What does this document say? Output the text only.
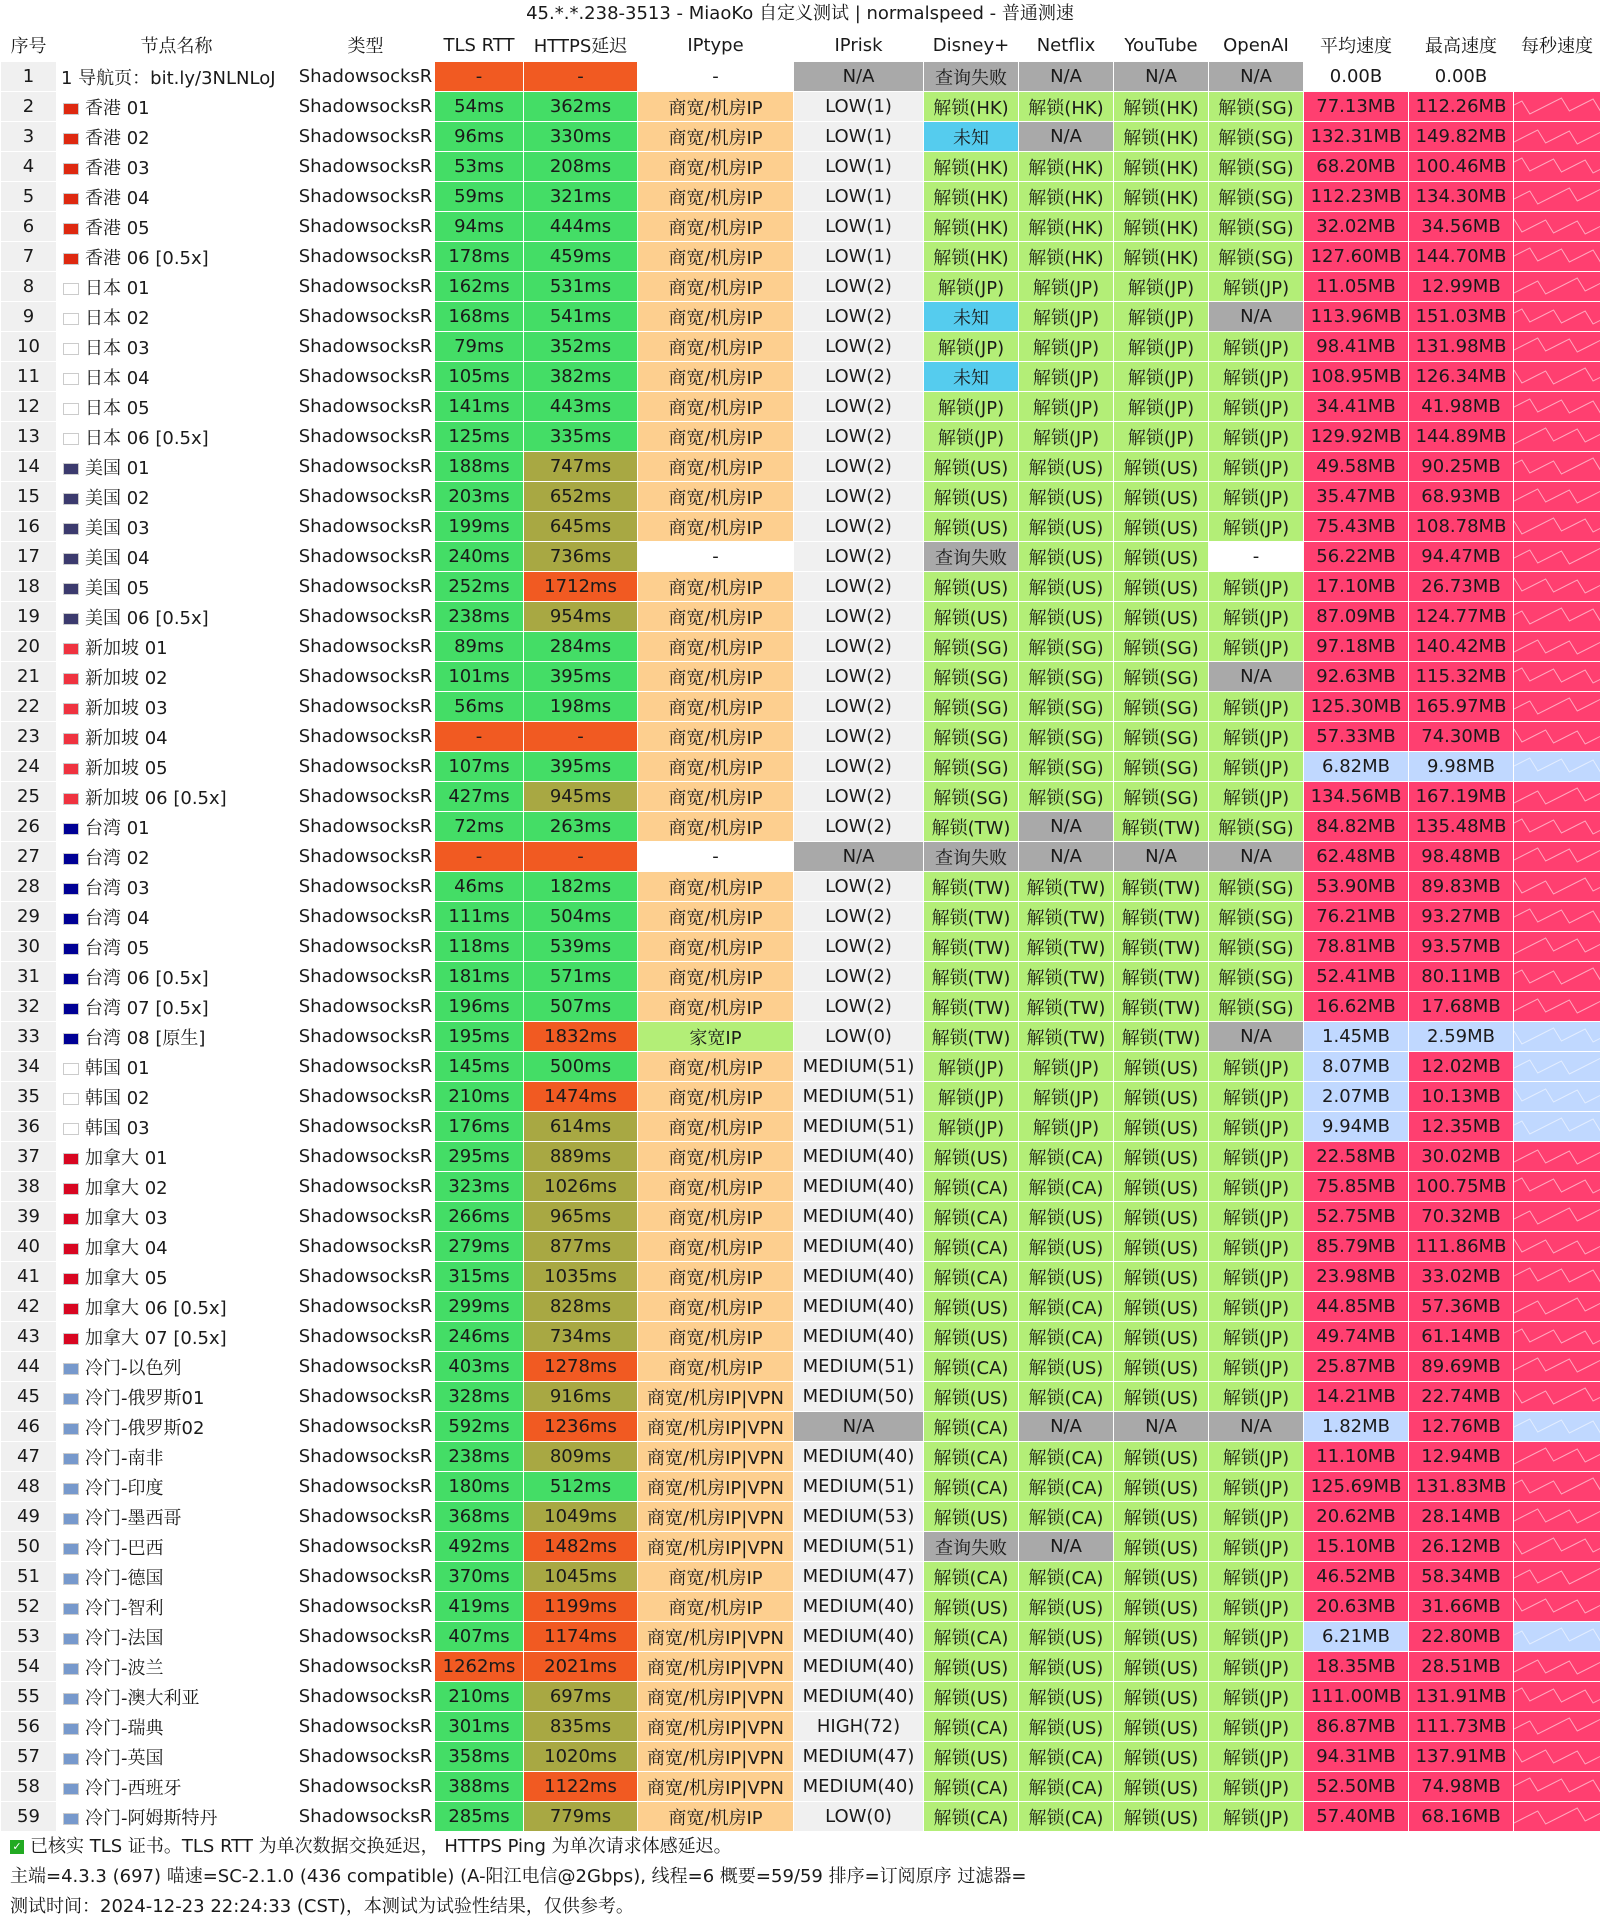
45.*.*.238-3513 - MiaoKo 自定义测试 | normalspeed - 普通测速
序号	节点名称	类型	TLS RTT	HTTPS延迟	IPtype	IPrisk	Disney+	Netflix	YouTube	OpenAI	平均速度	最高速度	每秒速度
1	1 导航页：bit.ly/3NLNLoJ	ShadowsocksR	-	-	-	N/A	查询失败	N/A	N/A	N/A	0.00B	0.00B	
2	香港 01	ShadowsocksR	54ms	362ms	商宽/机房IP	LOW(1)	解锁(HK)	解锁(HK)	解锁(HK)	解锁(SG)	77.13MB	112.26MB	

3	香港 02	ShadowsocksR	96ms	330ms	商宽/机房IP	LOW(1)	未知	N/A	解锁(HK)	解锁(SG)	132.31MB	149.82MB	

4	香港 03	ShadowsocksR	53ms	208ms	商宽/机房IP	LOW(1)	解锁(HK)	解锁(HK)	解锁(HK)	解锁(SG)	68.20MB	100.46MB	

5	香港 04	ShadowsocksR	59ms	321ms	商宽/机房IP	LOW(1)	解锁(HK)	解锁(HK)	解锁(HK)	解锁(SG)	112.23MB	134.30MB	

6	香港 05	ShadowsocksR	94ms	444ms	商宽/机房IP	LOW(1)	解锁(HK)	解锁(HK)	解锁(HK)	解锁(SG)	32.02MB	34.56MB	

7	香港 06 [0.5x]	ShadowsocksR	178ms	459ms	商宽/机房IP	LOW(1)	解锁(HK)	解锁(HK)	解锁(HK)	解锁(SG)	127.60MB	144.70MB	

8	日本 01	ShadowsocksR	162ms	531ms	商宽/机房IP	LOW(2)	解锁(JP)	解锁(JP)	解锁(JP)	解锁(JP)	11.05MB	12.99MB	

9	日本 02	ShadowsocksR	168ms	541ms	商宽/机房IP	LOW(2)	未知	解锁(JP)	解锁(JP)	N/A	113.96MB	151.03MB	

10	日本 03	ShadowsocksR	79ms	352ms	商宽/机房IP	LOW(2)	解锁(JP)	解锁(JP)	解锁(JP)	解锁(JP)	98.41MB	131.98MB	

11	日本 04	ShadowsocksR	105ms	382ms	商宽/机房IP	LOW(2)	未知	解锁(JP)	解锁(JP)	解锁(JP)	108.95MB	126.34MB	

12	日本 05	ShadowsocksR	141ms	443ms	商宽/机房IP	LOW(2)	解锁(JP)	解锁(JP)	解锁(JP)	解锁(JP)	34.41MB	41.98MB	

13	日本 06 [0.5x]	ShadowsocksR	125ms	335ms	商宽/机房IP	LOW(2)	解锁(JP)	解锁(JP)	解锁(JP)	解锁(JP)	129.92MB	144.89MB	

14	美国 01	ShadowsocksR	188ms	747ms	商宽/机房IP	LOW(2)	解锁(US)	解锁(US)	解锁(US)	解锁(JP)	49.58MB	90.25MB	

15	美国 02	ShadowsocksR	203ms	652ms	商宽/机房IP	LOW(2)	解锁(US)	解锁(US)	解锁(US)	解锁(JP)	35.47MB	68.93MB	

16	美国 03	ShadowsocksR	199ms	645ms	商宽/机房IP	LOW(2)	解锁(US)	解锁(US)	解锁(US)	解锁(JP)	75.43MB	108.78MB	

17	美国 04	ShadowsocksR	240ms	736ms	-	LOW(2)	查询失败	解锁(US)	解锁(US)	-	56.22MB	94.47MB	

18	美国 05	ShadowsocksR	252ms	1712ms	商宽/机房IP	LOW(2)	解锁(US)	解锁(US)	解锁(US)	解锁(JP)	17.10MB	26.73MB	

19	美国 06 [0.5x]	ShadowsocksR	238ms	954ms	商宽/机房IP	LOW(2)	解锁(US)	解锁(US)	解锁(US)	解锁(JP)	87.09MB	124.77MB	

20	新加坡 01	ShadowsocksR	89ms	284ms	商宽/机房IP	LOW(2)	解锁(SG)	解锁(SG)	解锁(SG)	解锁(JP)	97.18MB	140.42MB	

21	新加坡 02	ShadowsocksR	101ms	395ms	商宽/机房IP	LOW(2)	解锁(SG)	解锁(SG)	解锁(SG)	N/A	92.63MB	115.32MB	

22	新加坡 03	ShadowsocksR	56ms	198ms	商宽/机房IP	LOW(2)	解锁(SG)	解锁(SG)	解锁(SG)	解锁(JP)	125.30MB	165.97MB	

23	新加坡 04	ShadowsocksR	-	-	商宽/机房IP	LOW(2)	解锁(SG)	解锁(SG)	解锁(SG)	解锁(JP)	57.33MB	74.30MB	

24	新加坡 05	ShadowsocksR	107ms	395ms	商宽/机房IP	LOW(2)	解锁(SG)	解锁(SG)	解锁(SG)	解锁(JP)	6.82MB	9.98MB	

25	新加坡 06 [0.5x]	ShadowsocksR	427ms	945ms	商宽/机房IP	LOW(2)	解锁(SG)	解锁(SG)	解锁(SG)	解锁(JP)	134.56MB	167.19MB	

26	台湾 01	ShadowsocksR	72ms	263ms	商宽/机房IP	LOW(2)	解锁(TW)	N/A	解锁(TW)	解锁(SG)	84.82MB	135.48MB	

27	台湾 02	ShadowsocksR	-	-	-	N/A	查询失败	N/A	N/A	N/A	62.48MB	98.48MB	

28	台湾 03	ShadowsocksR	46ms	182ms	商宽/机房IP	LOW(2)	解锁(TW)	解锁(TW)	解锁(TW)	解锁(SG)	53.90MB	89.83MB	

29	台湾 04	ShadowsocksR	111ms	504ms	商宽/机房IP	LOW(2)	解锁(TW)	解锁(TW)	解锁(TW)	解锁(SG)	76.21MB	93.27MB	

30	台湾 05	ShadowsocksR	118ms	539ms	商宽/机房IP	LOW(2)	解锁(TW)	解锁(TW)	解锁(TW)	解锁(SG)	78.81MB	93.57MB	

31	台湾 06 [0.5x]	ShadowsocksR	181ms	571ms	商宽/机房IP	LOW(2)	解锁(TW)	解锁(TW)	解锁(TW)	解锁(SG)	52.41MB	80.11MB	

32	台湾 07 [0.5x]	ShadowsocksR	196ms	507ms	商宽/机房IP	LOW(2)	解锁(TW)	解锁(TW)	解锁(TW)	解锁(SG)	16.62MB	17.68MB	

33	台湾 08 [原生]	ShadowsocksR	195ms	1832ms	家宽IP	LOW(0)	解锁(TW)	解锁(TW)	解锁(TW)	N/A	1.45MB	2.59MB	

34	韩国 01	ShadowsocksR	145ms	500ms	商宽/机房IP	MEDIUM(51)	解锁(JP)	解锁(JP)	解锁(US)	解锁(JP)	8.07MB	12.02MB	

35	韩国 02	ShadowsocksR	210ms	1474ms	商宽/机房IP	MEDIUM(51)	解锁(JP)	解锁(JP)	解锁(US)	解锁(JP)	2.07MB	10.13MB	

36	韩国 03	ShadowsocksR	176ms	614ms	商宽/机房IP	MEDIUM(51)	解锁(JP)	解锁(JP)	解锁(US)	解锁(JP)	9.94MB	12.35MB	

37	加拿大 01	ShadowsocksR	295ms	889ms	商宽/机房IP	MEDIUM(40)	解锁(US)	解锁(CA)	解锁(US)	解锁(JP)	22.58MB	30.02MB	

38	加拿大 02	ShadowsocksR	323ms	1026ms	商宽/机房IP	MEDIUM(40)	解锁(CA)	解锁(CA)	解锁(US)	解锁(JP)	75.85MB	100.75MB	

39	加拿大 03	ShadowsocksR	266ms	965ms	商宽/机房IP	MEDIUM(40)	解锁(CA)	解锁(US)	解锁(US)	解锁(JP)	52.75MB	70.32MB	

40	加拿大 04	ShadowsocksR	279ms	877ms	商宽/机房IP	MEDIUM(40)	解锁(CA)	解锁(US)	解锁(US)	解锁(JP)	85.79MB	111.86MB	

41	加拿大 05	ShadowsocksR	315ms	1035ms	商宽/机房IP	MEDIUM(40)	解锁(CA)	解锁(US)	解锁(US)	解锁(JP)	23.98MB	33.02MB	

42	加拿大 06 [0.5x]	ShadowsocksR	299ms	828ms	商宽/机房IP	MEDIUM(40)	解锁(US)	解锁(CA)	解锁(US)	解锁(JP)	44.85MB	57.36MB	

43	加拿大 07 [0.5x]	ShadowsocksR	246ms	734ms	商宽/机房IP	MEDIUM(40)	解锁(US)	解锁(CA)	解锁(US)	解锁(JP)	49.74MB	61.14MB	

44	冷门-以色列	ShadowsocksR	403ms	1278ms	商宽/机房IP	MEDIUM(51)	解锁(CA)	解锁(US)	解锁(US)	解锁(JP)	25.87MB	89.69MB	

45	冷门-俄罗斯01	ShadowsocksR	328ms	916ms	商宽/机房IP|VPN	MEDIUM(50)	解锁(US)	解锁(CA)	解锁(US)	解锁(JP)	14.21MB	22.74MB	

46	冷门-俄罗斯02	ShadowsocksR	592ms	1236ms	商宽/机房IP|VPN	N/A	解锁(CA)	N/A	N/A	N/A	1.82MB	12.76MB	

47	冷门-南非	ShadowsocksR	238ms	809ms	商宽/机房IP|VPN	MEDIUM(40)	解锁(CA)	解锁(CA)	解锁(US)	解锁(JP)	11.10MB	12.94MB	

48	冷门-印度	ShadowsocksR	180ms	512ms	商宽/机房IP|VPN	MEDIUM(51)	解锁(CA)	解锁(CA)	解锁(US)	解锁(JP)	125.69MB	131.83MB	

49	冷门-墨西哥	ShadowsocksR	368ms	1049ms	商宽/机房IP|VPN	MEDIUM(53)	解锁(US)	解锁(CA)	解锁(US)	解锁(JP)	20.62MB	28.14MB	

50	冷门-巴西	ShadowsocksR	492ms	1482ms	商宽/机房IP|VPN	MEDIUM(51)	查询失败	N/A	解锁(US)	解锁(JP)	15.10MB	26.12MB	

51	冷门-德国	ShadowsocksR	370ms	1045ms	商宽/机房IP	MEDIUM(47)	解锁(CA)	解锁(CA)	解锁(US)	解锁(JP)	46.52MB	58.34MB	

52	冷门-智利	ShadowsocksR	419ms	1199ms	商宽/机房IP	MEDIUM(40)	解锁(US)	解锁(US)	解锁(US)	解锁(JP)	20.63MB	31.66MB	

53	冷门-法国	ShadowsocksR	407ms	1174ms	商宽/机房IP|VPN	MEDIUM(40)	解锁(CA)	解锁(US)	解锁(US)	解锁(JP)	6.21MB	22.80MB	

54	冷门-波兰	ShadowsocksR	1262ms	2021ms	商宽/机房IP|VPN	MEDIUM(40)	解锁(US)	解锁(US)	解锁(US)	解锁(JP)	18.35MB	28.51MB	

55	冷门-澳大利亚	ShadowsocksR	210ms	697ms	商宽/机房IP|VPN	MEDIUM(40)	解锁(US)	解锁(US)	解锁(US)	解锁(JP)	111.00MB	131.91MB	

56	冷门-瑞典	ShadowsocksR	301ms	835ms	商宽/机房IP|VPN	HIGH(72)	解锁(CA)	解锁(US)	解锁(US)	解锁(JP)	86.87MB	111.73MB	

57	冷门-英国	ShadowsocksR	358ms	1020ms	商宽/机房IP|VPN	MEDIUM(47)	解锁(US)	解锁(CA)	解锁(US)	解锁(JP)	94.31MB	137.91MB	

58	冷门-西班牙	ShadowsocksR	388ms	1122ms	商宽/机房IP|VPN	MEDIUM(40)	解锁(CA)	解锁(CA)	解锁(US)	解锁(JP)	52.50MB	74.98MB	

59	冷门-阿姆斯特丹	ShadowsocksR	285ms	779ms	商宽/机房IP	LOW(0)	解锁(CA)	解锁(CA)	解锁(US)	解锁(JP)	57.40MB	68.16MB	
✓ 已核实 TLS 证书。TLS RTT 为单次数据交换延迟， HTTPS Ping 为单次请求体感延迟。
主端=4.3.3 (697) 喵速=SC-2.1.0 (436 compatible) (A-阳江电信@2Gbps), 线程=6 概要=59/59 排序=订阅原序 过滤器=
测试时间：2024-12-23 22:24:33 (CST)，本测试为试验性结果，仅供参考。
